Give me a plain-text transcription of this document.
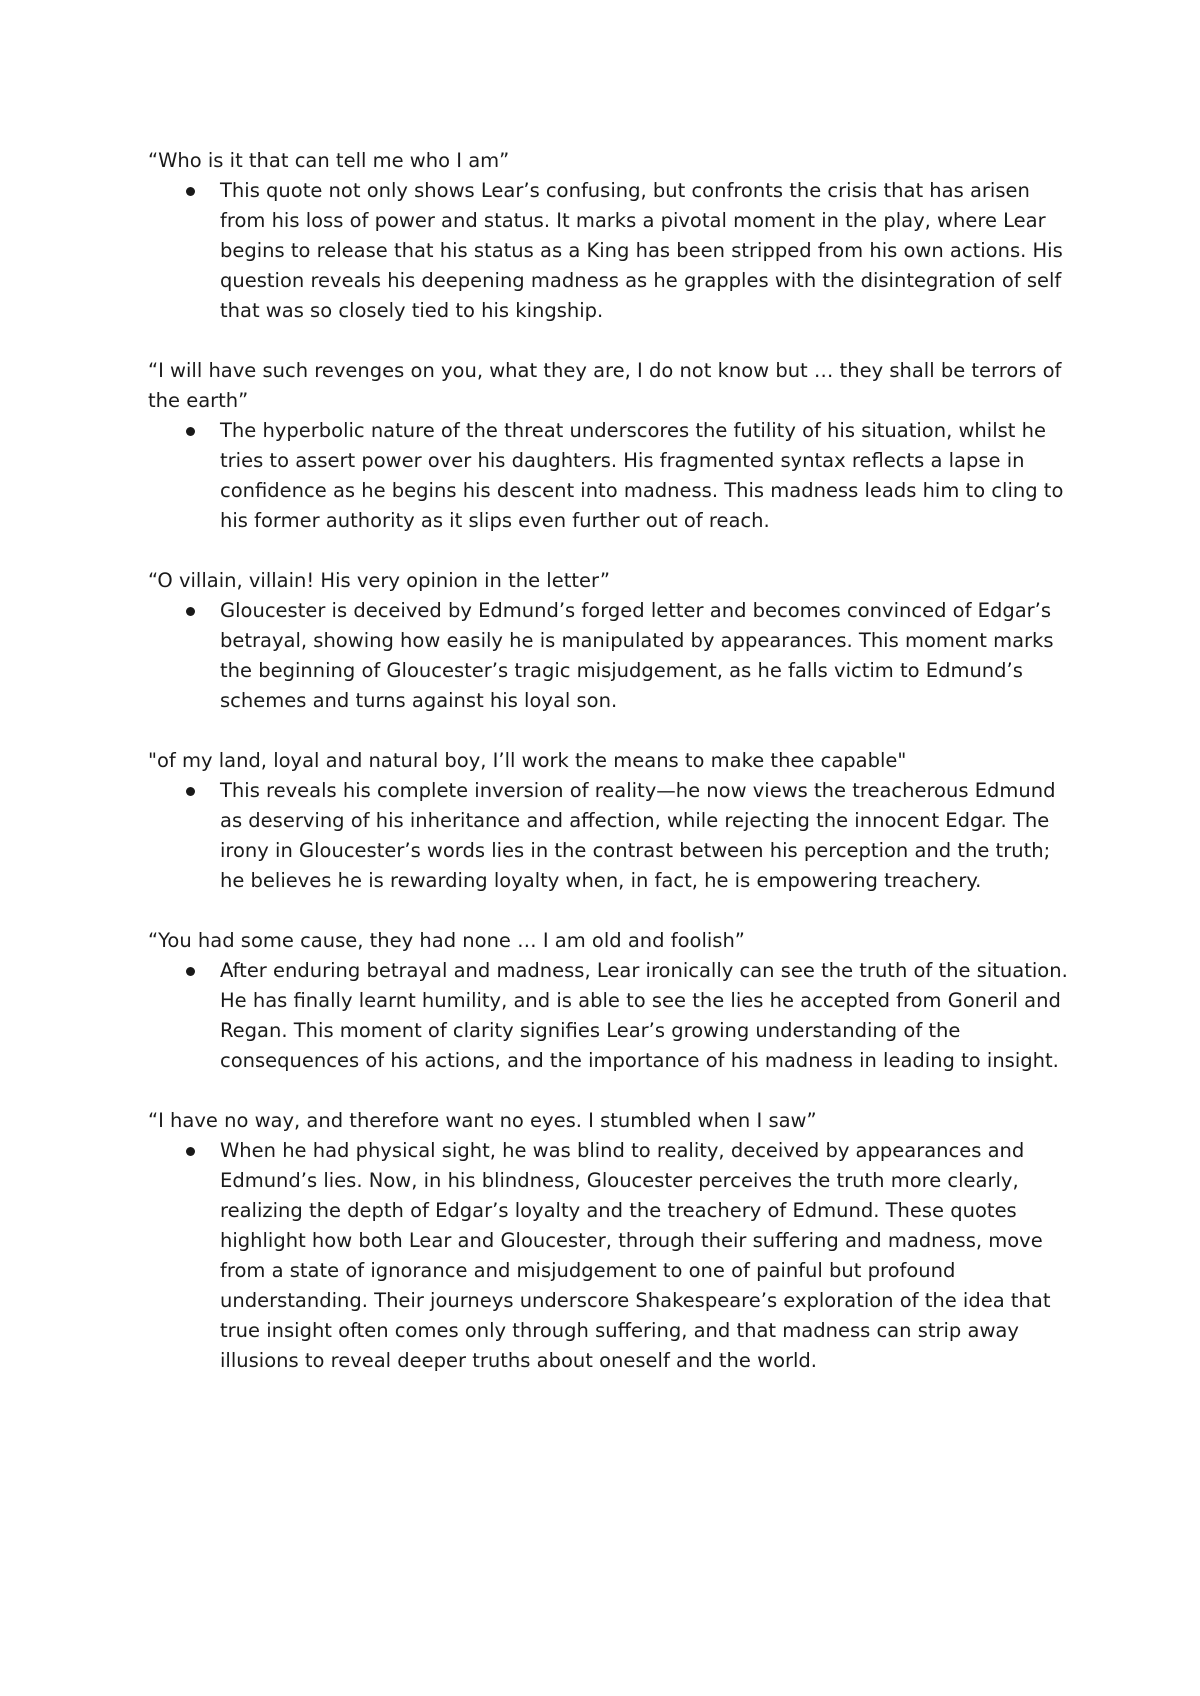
“Who is it that can tell me who I am”

This quote not only shows Lear’s confusing, but confronts the crisis that has arisen from his loss of power and status. It marks a pivotal moment in the play, where Lear begins to release that his status as a King has been stripped from his own actions. His question reveals his deepening madness as he grapples with the disintegration of self that was so closely tied to his kingship.

“I will have such revenges on you, what they are, I do not know but … they shall be terrors of the earth”

The hyperbolic nature of the threat underscores the futility of his situation, whilst he tries to assert power over his daughters. His fragmented syntax reflects a lapse in confidence as he begins his descent into madness. This madness leads him to cling to his former authority as it slips even further out of reach.

“O villain, villain! His very opinion in the letter”

Gloucester is deceived by Edmund’s forged letter and becomes convinced of Edgar’s betrayal, showing how easily he is manipulated by appearances. This moment marks the beginning of Gloucester’s tragic misjudgement, as he falls victim to Edmund’s schemes and turns against his loyal son.

"of my land, loyal and natural boy, I’ll work the means to make thee capable"

This reveals his complete inversion of reality—he now views the treacherous Edmund as deserving of his inheritance and affection, while rejecting the innocent Edgar. The irony in Gloucester’s words lies in the contrast between his perception and the truth; he believes he is rewarding loyalty when, in fact, he is empowering treachery.

“You had some cause, they had none … I am old and foolish”

After enduring betrayal and madness, Lear ironically can see the truth of the situation. He has finally learnt humility, and is able to see the lies he accepted from Goneril and Regan. This moment of clarity signifies Lear’s growing understanding of the consequences of his actions, and the importance of his madness in leading to insight.

“I have no way, and therefore want no eyes. I stumbled when I saw”

When he had physical sight, he was blind to reality, deceived by appearances and Edmund’s lies. Now, in his blindness, Gloucester perceives the truth more clearly, realizing the depth of Edgar’s loyalty and the treachery of Edmund. These quotes highlight how both Lear and Gloucester, through their suffering and madness, move from a state of ignorance and misjudgement to one of painful but profound understanding. Their journeys underscore Shakespeare’s exploration of the idea that true insight often comes only through suffering, and that madness can strip away illusions to reveal deeper truths about oneself and the world.
